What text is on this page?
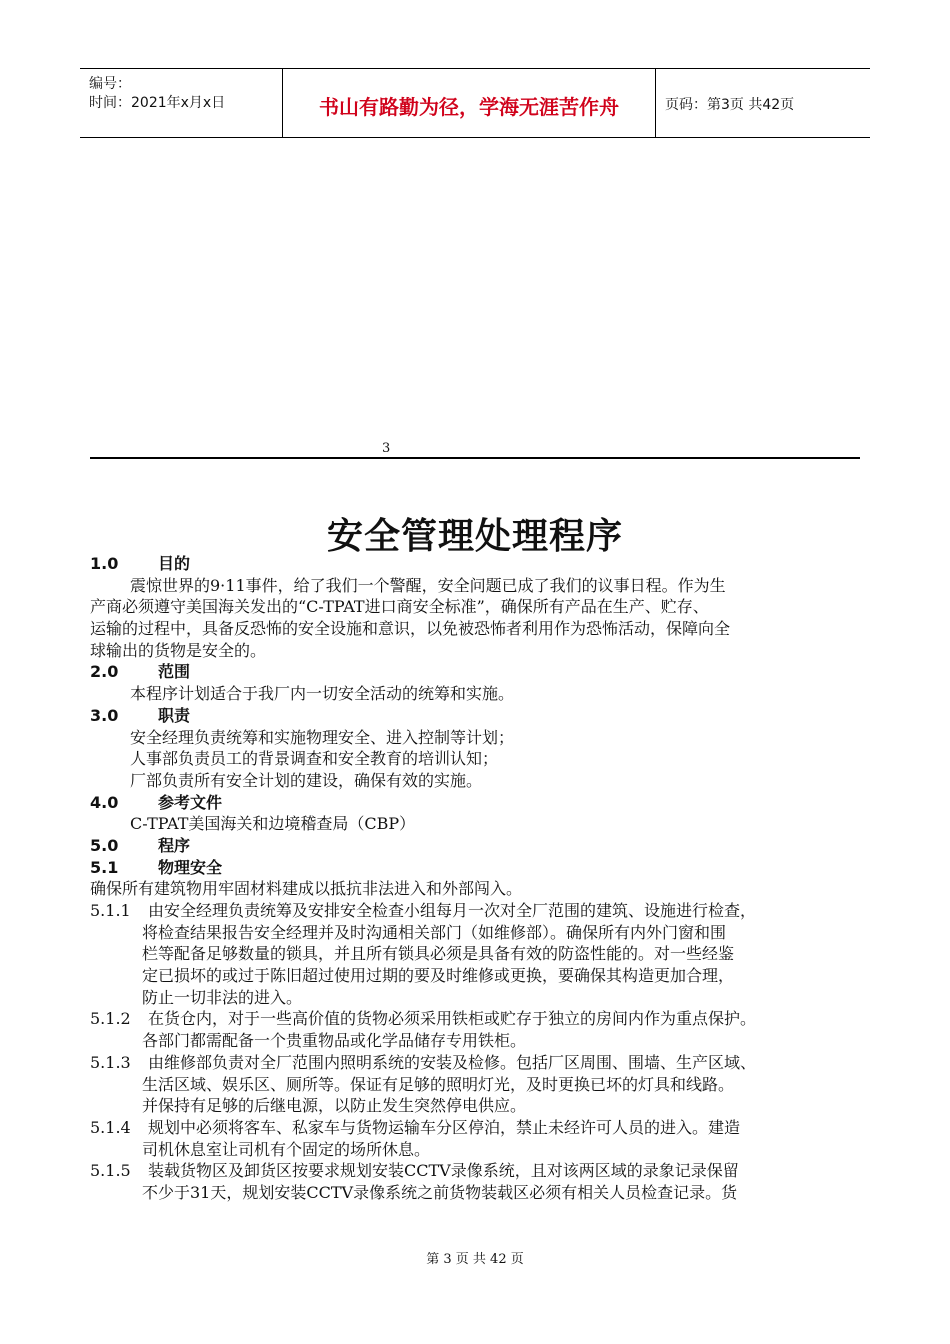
编号：
时间：2021年x月x日	书山有路勤为径，学海无涯苦作舟	页码：第3页 共42页
3
安全管理处理程序
1.0 目的
震惊世界的9·11事件，给了我们一个警醒，安全问题已成了我们的议事日程。作为生
产商必须遵守美国海关发出的“C-TPAT进口商安全标准”，确保所有产品在生产、贮存、
运输的过程中，具备反恐怖的安全设施和意识，以免被恐怖者利用作为恐怖活动，保障向全
球输出的货物是安全的。
2.0 范围
本程序计划适合于我厂内一切安全活动的统筹和实施。
3.0 职责
安全经理负责统筹和实施物理安全、进入控制等计划；
人事部负责员工的背景调查和安全教育的培训认知；
厂部负责所有安全计划的建设，确保有效的实施。
4.0 参考文件
C-TPAT美国海关和边境稽查局（CBP）
5.0 程序
5.1 物理安全
确保所有建筑物用牢固材料建成以抵抗非法进入和外部闯入。
5.1.1 由安全经理负责统筹及安排安全检查小组每月一次对全厂范围的建筑、设施进行检查，
将检查结果报告安全经理并及时沟通相关部门（如维修部）。确保所有内外门窗和围
栏等配备足够数量的锁具，并且所有锁具必须是具备有效的防盗性能的。对一些经鉴
定已损坏的或过于陈旧超过使用过期的要及时维修或更换，要确保其构造更加合理，
防止一切非法的进入。
5.1.2 在货仓内，对于一些高价值的货物必须采用铁柜或贮存于独立的房间内作为重点保护。
各部门都需配备一个贵重物品或化学品储存专用铁柜。
5.1.3 由维修部负责对全厂范围内照明系统的安装及检修。包括厂区周围、围墙、生产区域、
生活区域、娱乐区、厕所等。保证有足够的照明灯光，及时更换已坏的灯具和线路。
并保持有足够的后继电源，以防止发生突然停电供应。
5.1.4 规划中必须将客车、私家车与货物运输车分区停泊，禁止未经许可人员的进入。建造
司机休息室让司机有个固定的场所休息。
5.1.5 装载货物区及卸货区按要求规划安装CCTV录像系统，且对该两区域的录象记录保留
不少于31天，规划安装CCTV录像系统之前货物装载区必须有相关人员检查记录。货
第 3 页 共 42 页
